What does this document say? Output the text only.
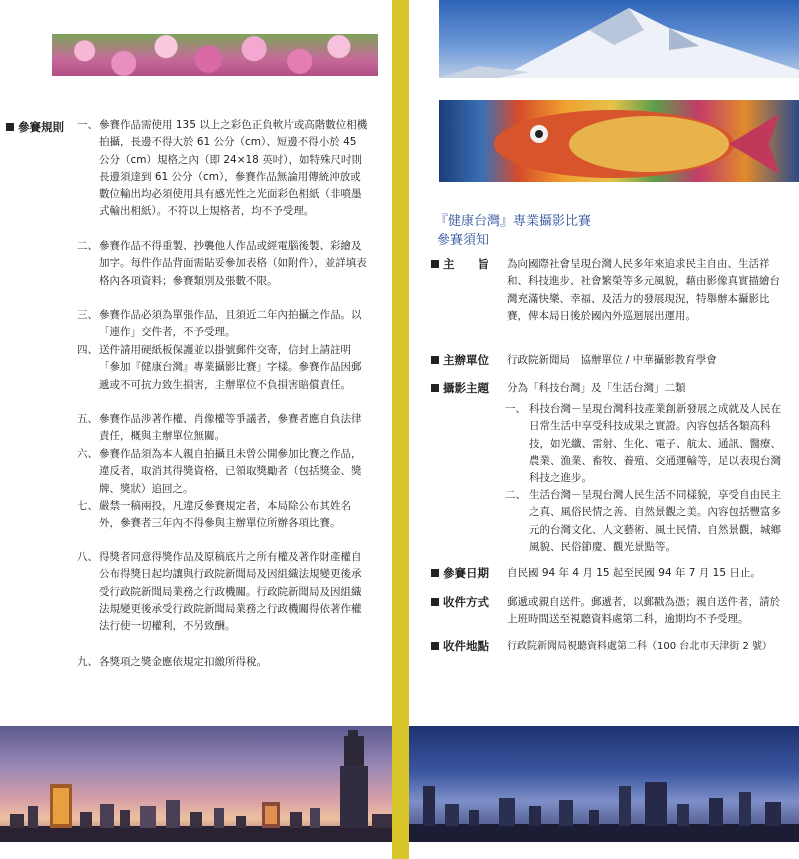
參賽規則 一、 參賽作品需使用 135 以上之彩色正負軟片或高階數位相機拍攝，長邊不得大於 61 公分（cm）、短邊不得小於 45 公分（cm）規格之內（即 24×18 英吋），如特殊尺吋則長邊須達到 61 公分（cm），參賽作品無論用傳統沖放或數位輸出均必須使用具有感光性之光面彩色相紙（非噴墨式輸出相紙）。不符以上規格者，均不予受理。
二、 參賽作品不得重製、抄襲他人作品或經電腦後製、彩繪及加字。每件作品背面需貼妥參加表格（如附件），並詳填表格內各項資料；參賽類別及張數不限。
三、 參賽作品必須為單張作品，且須近二年內拍攝之作品。以「連作」交件者，不予受理。
四、 送件請用硬紙板保護並以掛號郵件交寄，信封上請註明「參加『健康台灣』專業攝影比賽」字樣。參賽作品因郵遞或不可抗力致生損害，主辦單位不負損害賠償責任。
五、 參賽作品涉著作權、肖像權等爭議者，參賽者應自負法律責任，概與主辦單位無關。
六、 參賽作品須為本人親自拍攝且未曾公開參加比賽之作品，違反者，取消其得獎資格，已領取獎勵者（包括獎金、獎牌、獎狀）追回之。
七、 嚴禁一稿兩投，凡違反參賽規定者，本局除公布其姓名外，參賽者三年內不得參與主辦單位所辦各項比賽。
八、 得獎者同意得獎作品及原稿底片之所有權及著作財產權自公布得獎日起均讓與行政院新聞局及因組織法規變更後承受行政院新聞局業務之行政機關。行政院新聞局及因組織法規變更後承受行政院新聞局業務之行政機關得依著作權法行使一切權利，不另致酬。
九、 各獎項之獎金應依規定扣繳所得稅。
『健康台灣』專業攝影比賽
參賽須知
主　　旨 為向國際社會呈現台灣人民多年來追求民主自由、生活祥和、科技進步、社會繁榮等多元風貌，藉由影像真實描繪台灣充滿快樂、幸福、及活力的發展現況，特舉辦本攝影比賽，俾本局日後於國內外巡迴展出運用。
主辦單位 行政院新聞局　協辦單位 / 中華攝影教育學會
攝影主題 分為「科技台灣」及「生活台灣」二類
一、 科技台灣－呈現台灣科技產業創新發展之成就及人民在日常生活中享受科技成果之實證。內容包括各類高科技，如光纖、雷射、生化、電子、航太、通訊、醫療、農業、漁業、畜牧、養殖、交通運輸等，足以表現台灣科技之進步。
二、 生活台灣－呈現台灣人民生活不同樣貌，享受自由民主之真、風俗民情之善、自然景觀之美。內容包括豐富多元的台灣文化、人文藝術、風土民情、自然景觀，城鄉風貌、民俗節慶、觀光景點等。
參賽日期 自民國 94 年 4 月 15 起至民國 94 年 7 月 15 日止。
收件方式 郵遞或親自送件。郵遞者，以郵戳為憑；親自送件者，請於上班時間送至視聽資料處第二科，逾期均不予受理。
收件地點 行政院新聞局視聽資料處第二科（100 台北市天津街 2 號）
